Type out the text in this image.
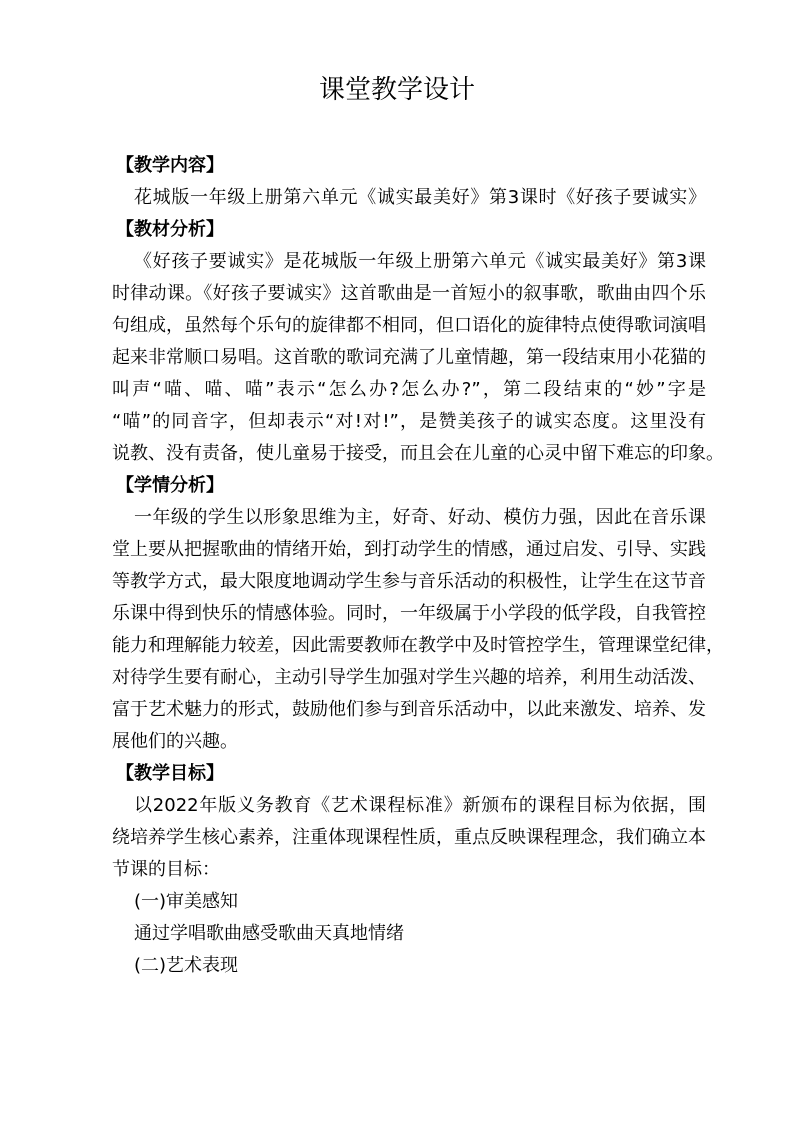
课堂教学设计

【教学内容】

花城版一年级上册第六单元《诚实最美好》第3课时《好孩子要诚实》

【教材分析】

《好孩子要诚实》是花城版一年级上册第六单元《诚实最美好》第3课

时律动课。《好孩子要诚实》这首歌曲是一首短小的叙事歌，歌曲由四个乐

句组成，虽然每个乐句的旋律都不相同，但口语化的旋律特点使得歌词演唱

起来非常顺口易唱。这首歌的歌词充满了儿童情趣，第一段结束用小花猫的

叫声“喵、喵、喵”表示“怎么办?怎么办?”，第二段结束的“妙”字是

“喵”的同音字，但却表示“对!对!”，是赞美孩子的诚实态度。这里没有

说教、没有责备，使儿童易于接受，而且会在儿童的心灵中留下难忘的印象。

【学情分析】

一年级的学生以形象思维为主，好奇、好动、模仿力强，因此在音乐课

堂上要从把握歌曲的情绪开始，到打动学生的情感，通过启发、引导、实践

等教学方式，最大限度地调动学生参与音乐活动的积极性，让学生在这节音

乐课中得到快乐的情感体验。同时，一年级属于小学段的低学段，自我管控

能力和理解能力较差，因此需要教师在教学中及时管控学生，管理课堂纪律，

对待学生要有耐心，主动引导学生加强对学生兴趣的培养，利用生动活泼、

富于艺术魅力的形式，鼓励他们参与到音乐活动中，以此来激发、培养、发

展他们的兴趣。

【教学目标】

以2022年版义务教育《艺术课程标准》新颁布的课程目标为依据，围

绕培养学生核心素养，注重体现课程性质，重点反映课程理念，我们确立本

节课的目标：

(一)审美感知

通过学唱歌曲感受歌曲天真地情绪

(二)艺术表现
